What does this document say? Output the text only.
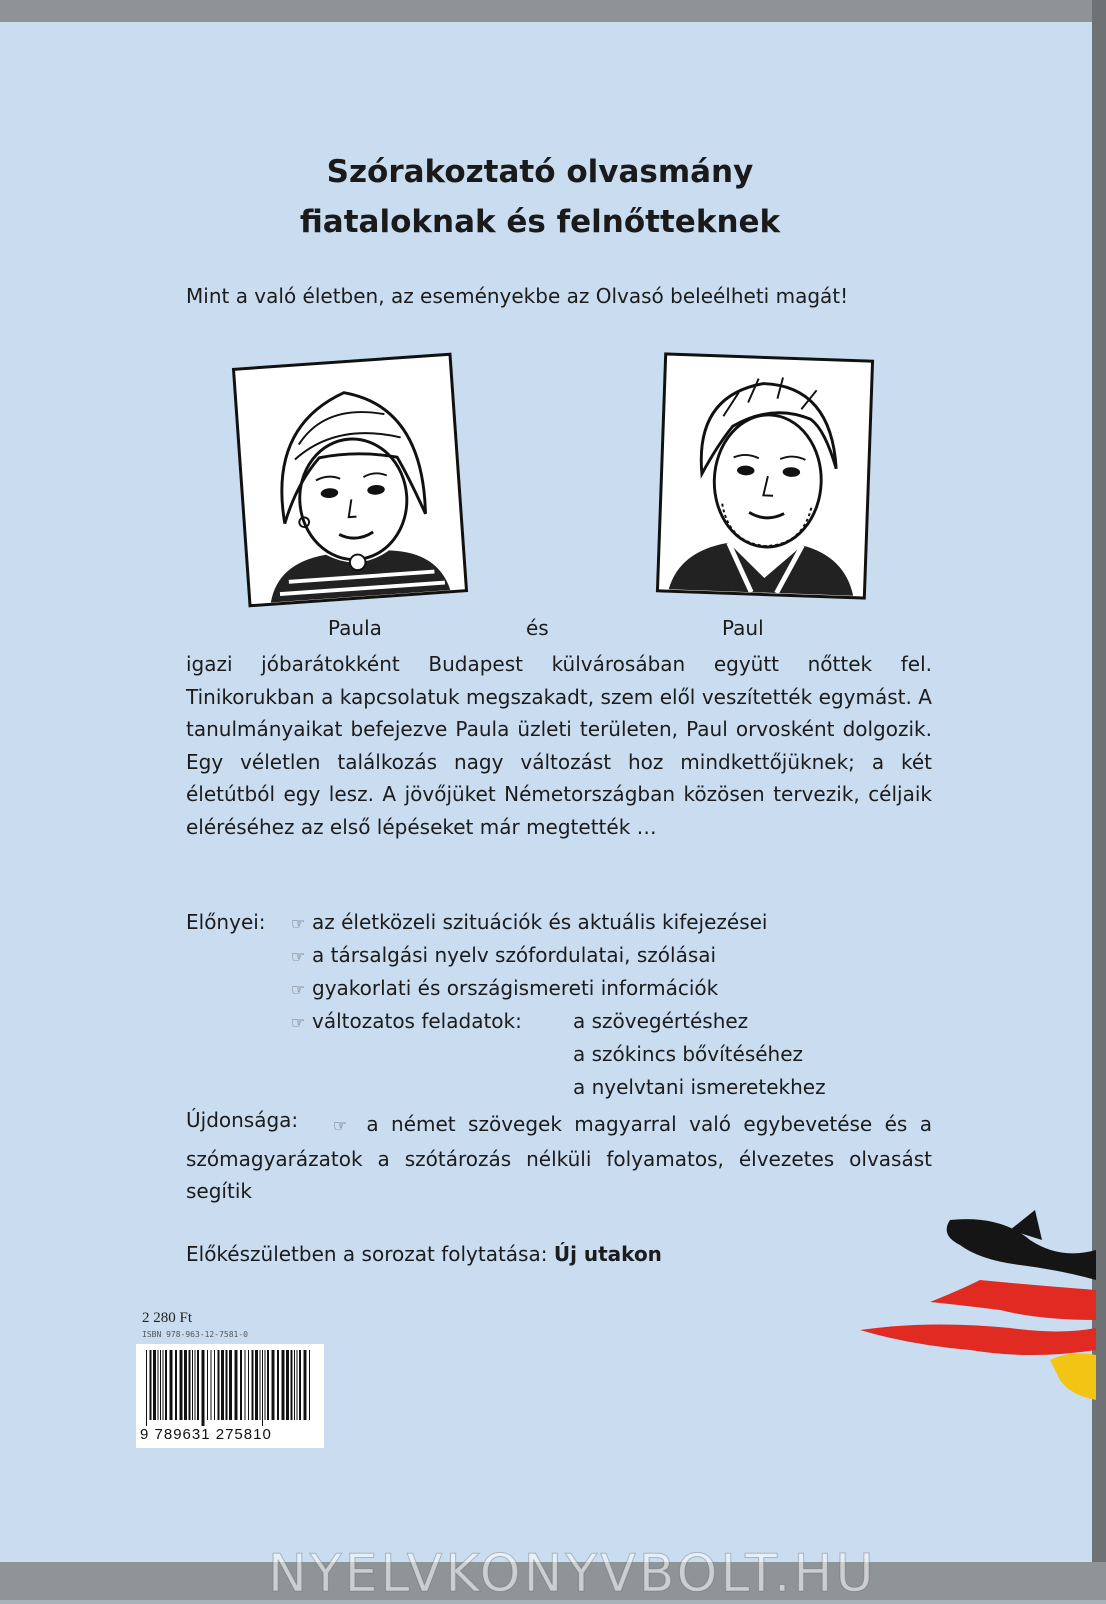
Szórakoztató olvasmány
fiataloknak és felnőtteknek
Mint a való életben, az eseményekbe az Olvasó beleélheti magát!
Paula	és	Paul
igazi jóbarátokként Budapest külvárosában együtt nőttek fel. Tinikorukban a kapcsolatuk megszakadt, szem elől veszítették egymást. A tanulmányaikat befejezve Paula üzleti területen, Paul orvosként dolgozik. Egy véletlen találkozás nagy változást hoz mindkettőjüknek; a két életútból egy lesz. A jövőjüket Németországban közösen tervezik, céljaik eléréséhez az első lépéseket már megtették …
Előnyei:	☞ az életközeli szituációk és aktuális kifejezései
☞ a társalgási nyelv szófordulatai, szólásai
☞ gyakorlati és országismereti információk
☞ változatos feladatok:	a szövegértéshez
a szókincs bővítéséhez
a nyelvtani ismeretekhez
Újdonsága:	☞ a német szövegek magyarral való egybevetése és a szómagyarázatok a szótározás nélküli folyamatos, élvezetes olvasást segítik
Előkészületben a sorozat folytatása: Új utakon
2 280 Ft
ISBN 978-963-12-7581-0
9 789631 275810
NYELVKONYVBOLT.HU
